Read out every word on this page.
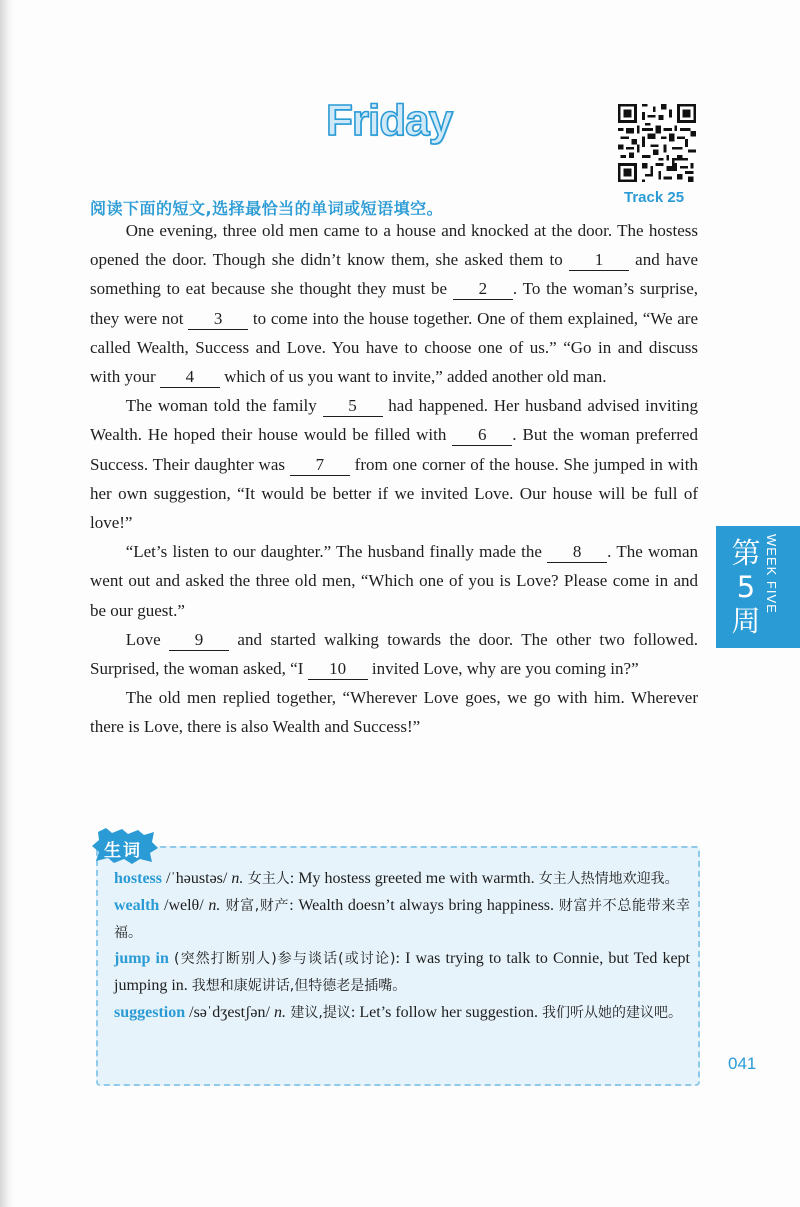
Friday
Track 25
阅读下面的短文,选择最恰当的单词或短语填空。

One evening, three old men came to a house and knocked at the door. The hostess opened the door. Though she didn’t know them, she asked them to 1 and have something to eat because she thought they must be 2 . To the woman’s surprise, they were not 3 to come into the house together. One of them explained, “We are called Wealth, Success and Love. You have to choose one of us.” “Go in and discuss with your 4 which of us you want to invite,” added another old man.

The woman told the family 5 had happened. Her husband advised inviting Wealth. He hoped their house would be filled with 6 . But the woman preferred Success. Their daughter was 7 from one corner of the house. She jumped in with her own suggestion, “It would be better if we invited Love. Our house will be full of love!”

“Let’s listen to our daughter.” The husband finally made the 8 . The woman went out and asked the three old men, “Which one of you is Love? Please come in and be our guest.”

Love 9 and started walking towards the door. The other two followed. Surprised, the woman asked, “I 10 invited Love, why are you coming in?”

The old men replied together, “Wherever Love goes, we go with him. Wherever there is Love, there is also Wealth and Success!”

第5周
WEEK FIVE
生词

hostess /ˈhəustəs/ n. 女主人: My hostess greeted me with warmth. 女主人热情地欢迎我。

wealth /welθ/ n. 财富,财产: Wealth doesn’t always bring happiness. 财富并不总能带来幸福。

jump in (突然打断别人)参与谈话(或讨论): I was trying to talk to Connie, but Ted kept jumping in. 我想和康妮讲话,但特德老是插嘴。

suggestion /səˈdʒestʃən/ n. 建议,提议: Let’s follow her suggestion. 我们听从她的建议吧。

041
